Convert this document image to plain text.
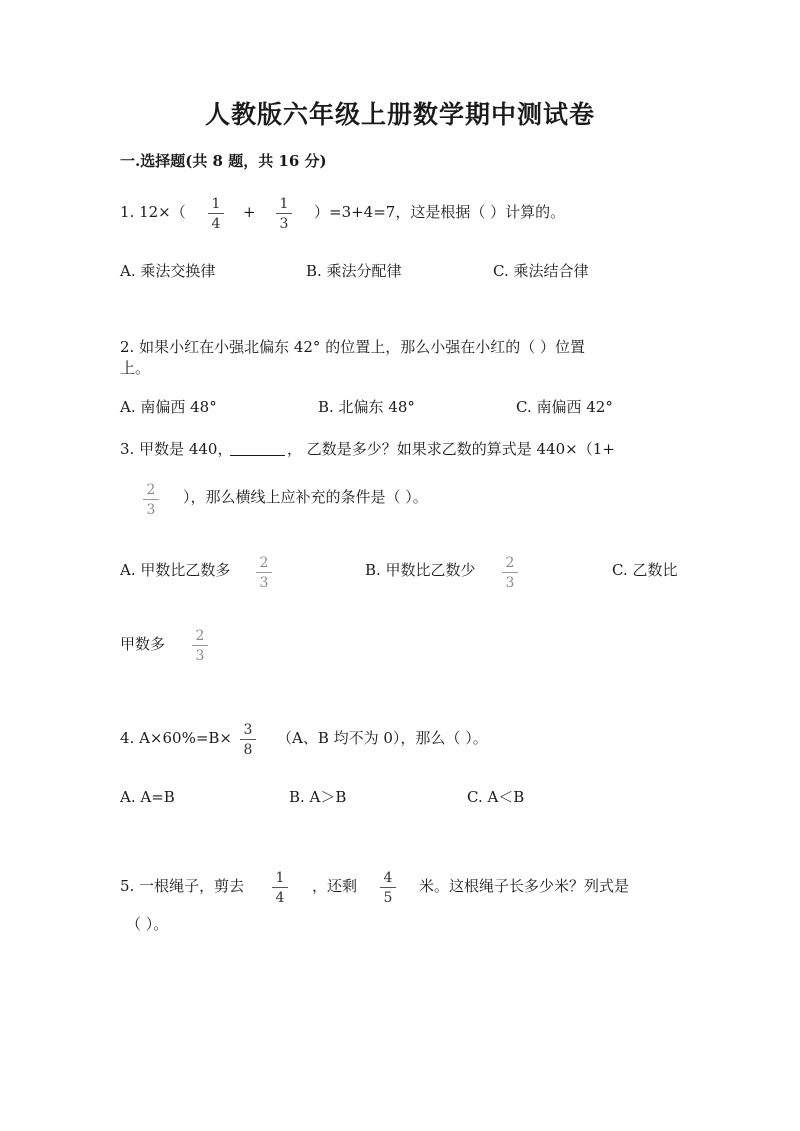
人教版六年级上册数学期中测试卷
一.选择题(共 8 题，共 16 分)
1. 12×（	1
4
+	1
3
）=3+4=7，这是根据（ ）计算的。
A. 乘法交换律	B. 乘法分配律	C. 乘法结合律
2. 如果小红在小强北偏东 42° 的位置上，那么小强在小红的（ ）位置
上。
A. 南偏西 48°	B. 北偏东 48°	C. 南偏西 42°
3. 甲数是 440，	， 乙数是多少？如果求乙数的算式是 440×（1+
2
3
），那么横线上应补充的条件是（ ）。
A. 甲数比乙数多	2
3
B. 甲数比乙数少	2
3
C. 乙数比
甲数多	2
3
4. A×60%=B× 3
8
（A、B 均不为 0），那么（ ）。
A. A=B	B. A＞B	C. A＜B
5. 一根绳子，剪去	1
4
，还剩	4
5
米。这根绳子长多少米？列式是
（ ）。
